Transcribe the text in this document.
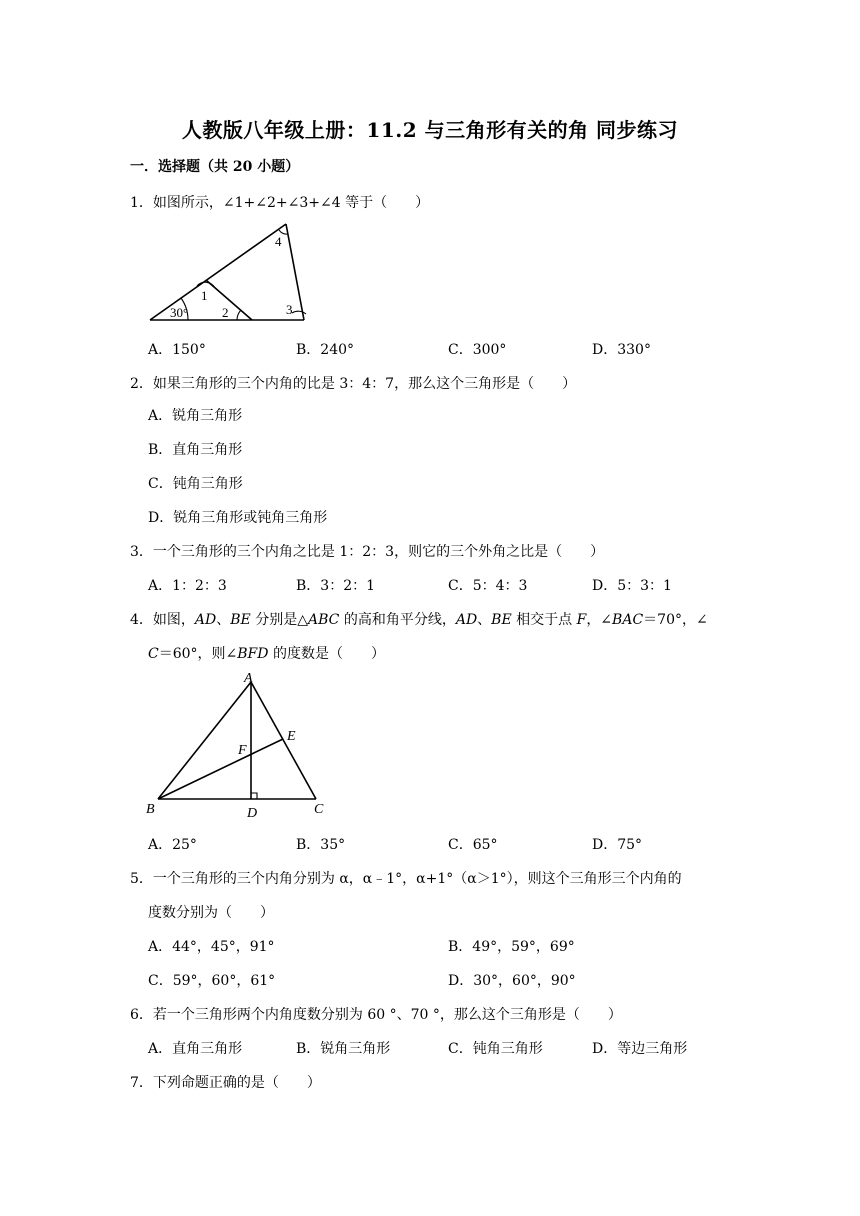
人教版八年级上册：11.2 与三角形有关的角 同步练习
一．选择题（共 20 小题）
1．如图所示，∠1+∠2+∠3+∠4 等于（　　）
30°
1
2	3
4
A．150°	B．240°	C．300°	D．330°
2．如果三角形的三个内角的比是 3：4：7，那么这个三角形是（　　）
A．锐角三角形
B．直角三角形
C．钝角三角形
D．锐角三角形或钝角三角形
3．一个三角形的三个内角之比是 1：2：3，则它的三个外角之比是（　　）
A．1：2：3	B．3：2：1	C．5：4：3	D．5：3：1
4．如图，AD、BE 分别是△ABC 的高和角平分线，AD、BE 相交于点 F，∠BAC＝70°，∠
C＝60°，则∠BFD 的度数是（　　）
A
B	C
D
E
F
A．25°	B．35°	C．65°	D．75°
5．一个三角形的三个内角分别为 α，α﹣1°，α+1°（α＞1°），则这个三角形三个内角的
度数分别为（　　）
A．44°，45°，91°	B．49°，59°，69°
C．59°，60°，61°	D．30°，60°，90°
6．若一个三角形两个内角度数分别为 60 °、70 °，那么这个三角形是（　　）
A．直角三角形	B．锐角三角形	C．钝角三角形	D．等边三角形
7．下列命题正确的是（　　）
